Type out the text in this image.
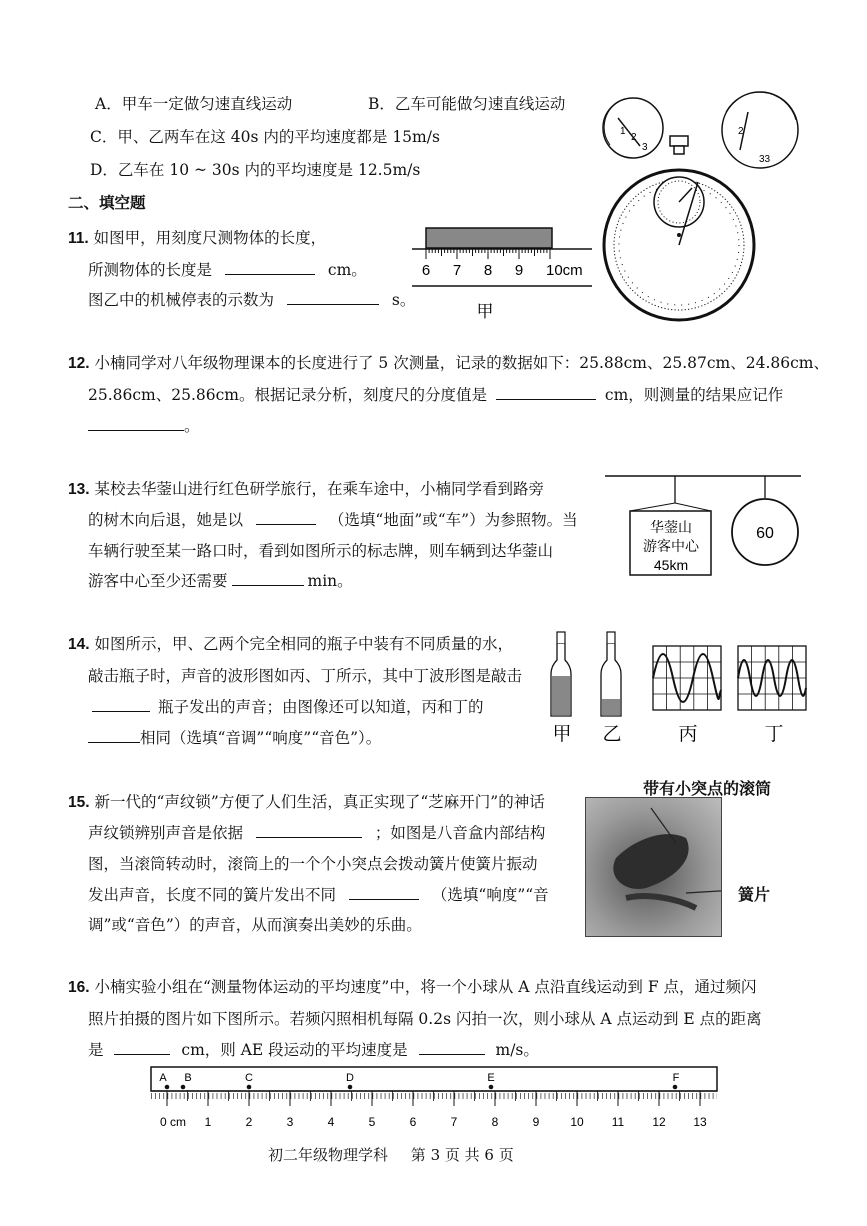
A．甲车一定做匀速直线运动	B．乙车可能做匀速直线运动
C．甲、乙两车在这 40s 内的平均速度都是 15m/s
D．乙车在 10 ~ 30s 内的平均速度是 12.5m/s
二、填空题
11. 如图甲，用刻度尺测物体的长度，
所测物体的长度是	cm。
图乙中的机械停表的示数为	s。
6 7 8 9 10cm
甲
1
2
3
2
33
12. 小楠同学对八年级物理课本的长度进行了 5 次测量，记录的数据如下：25.88cm、25.87cm、24.86cm、
25.86cm、25.86cm。根据记录分析，刻度尺的分度值是	cm，则测量的结果应记作
。
13. 某校去华蓥山进行红色研学旅行，在乘车途中，小楠同学看到路旁
的树木向后退，她是以	（选填“地面”或“车”）为参照物。当
车辆行驶至某一路口时，看到如图所示的标志牌，则车辆到达华蓥山
游客中心至少还需要	min。
华蓥山
游客中心
45km
60
14. 如图所示，甲、乙两个完全相同的瓶子中装有不同质量的水，
敲击瓶子时，声音的波形图如丙、丁所示，其中丁波形图是敲击
瓶子发出的声音；由图像还可以知道，丙和丁的
相同（选填“音调”“响度”“音色”）。	甲 乙	丙	丁
15. 新一代的“声纹锁”方便了人们生活，真正实现了“芝麻开门”的神话
声纹锁辨别声音是依据	；如图是八音盒内部结构
图，当滚筒转动时，滚筒上的一个个小突点会拨动簧片使簧片振动
发出声音，长度不同的簧片发出不同	（选填“响度”“音
调”或“音色”）的声音，从而演奏出美妙的乐曲。
带有小突点的滚筒
簧片
16. 小楠实验小组在“测量物体运动的平均速度”中，将一个小球从 A 点沿直线运动到 F 点，通过频闪
照片拍摄的图片如下图所示。若频闪照相机每隔 0.2s 闪拍一次，则小球从 A 点运动到 E 点的距离
是	cm，则 AE 段运动的平均速度是	m/s。
A B	C	D	E	F
0 cm 1	2	3	4	5	6	7	8	9	10 11 12 13
初二年级物理学科 第 3 页 共 6 页
